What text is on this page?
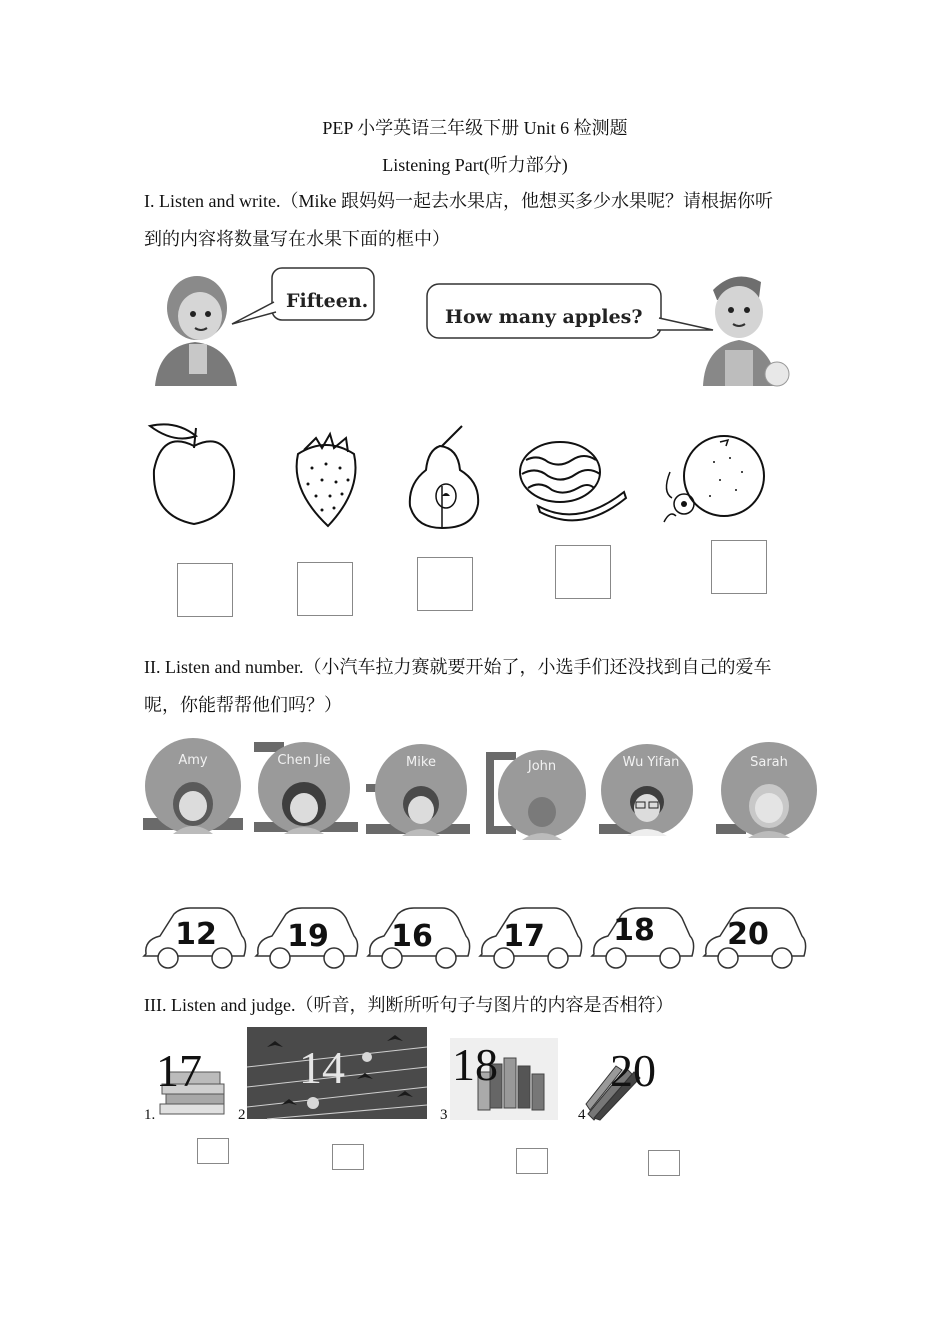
PEP 小学英语三年级下册 Unit 6 检测题
Listening Part(听力部分)
I. Listen and write.（Mike 跟妈妈一起去水果店，他想买多少水果呢？请根据你听
到的内容将数量写在水果下面的框中）
Fifteen.
How many apples?
II. Listen and number.（小汽车拉力赛就要开始了，小选手们还没找到自己的爱车
呢，你能帮帮他们吗？）
Amy	Chen Jie	Mike	John	Wu Yifan	Sarah
12 19 16 17 18 20
III. Listen and judge.（听音，判断所听句子与图片的内容是否相符）
1.
17
2
14
3
18
4
20
